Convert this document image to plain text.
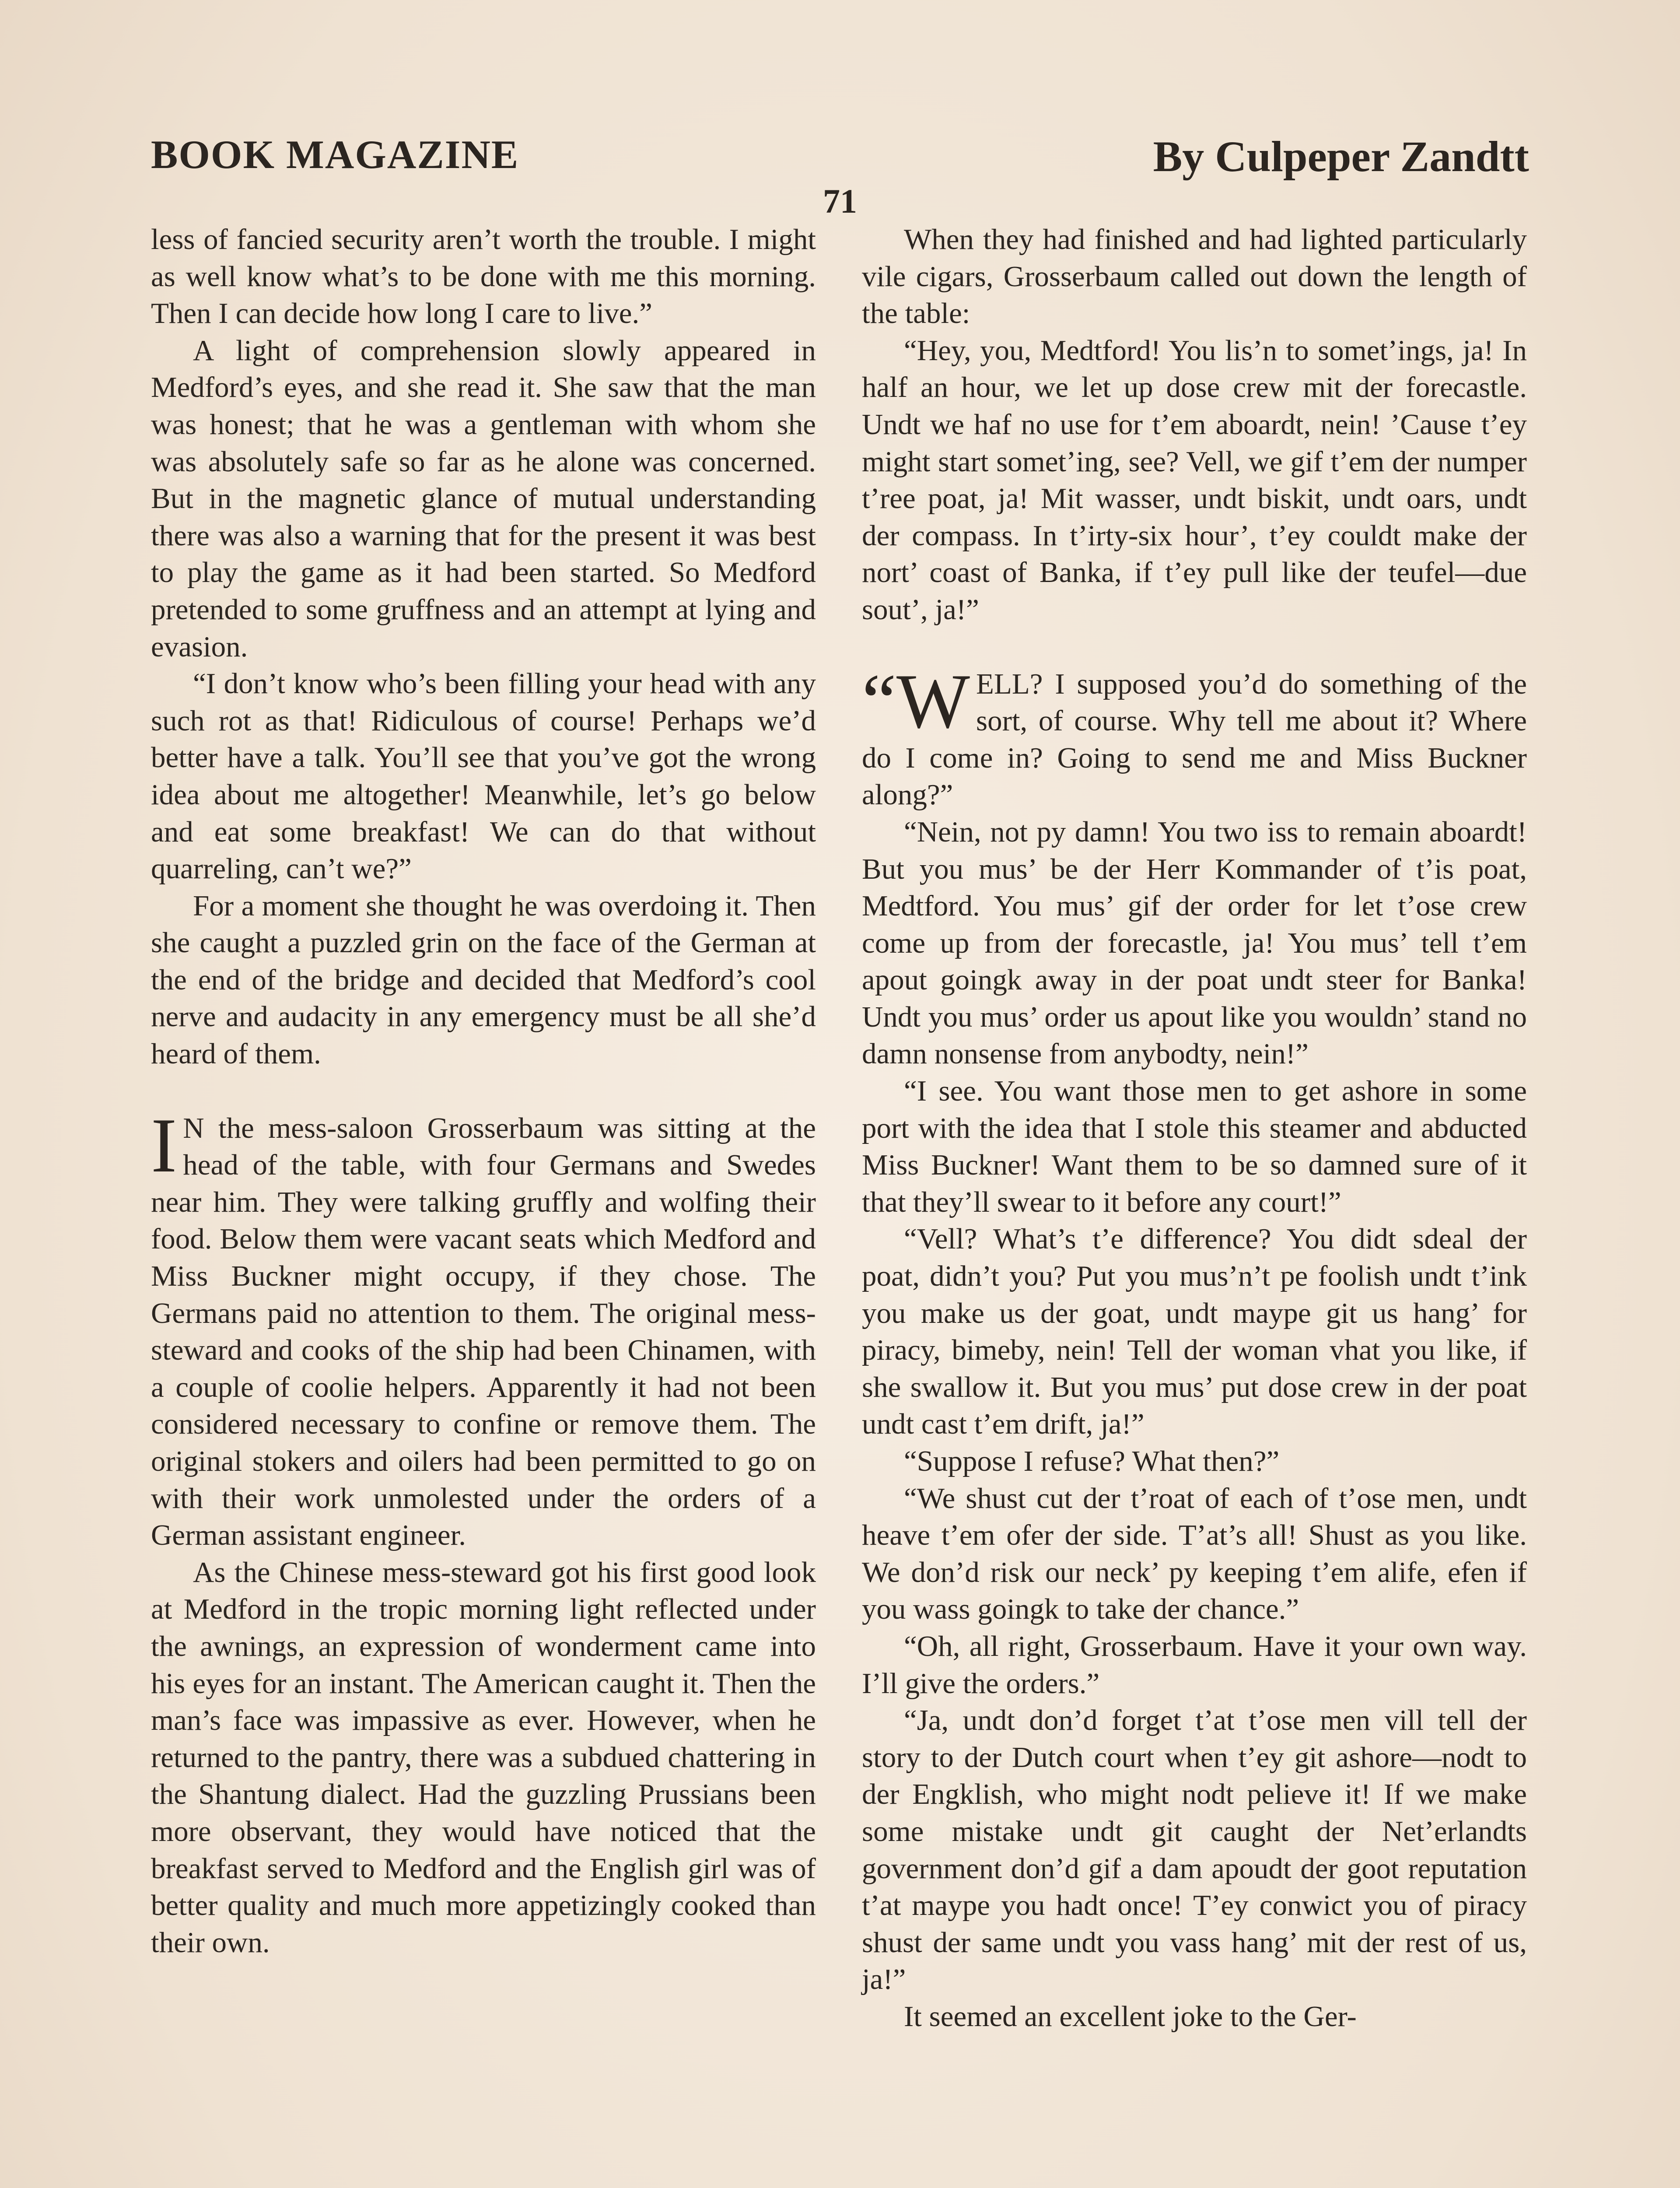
BOOK MAGAZINE	By Culpeper Zandtt
71

less of fancied security aren’t worth the trouble. I might as well know what’s to be done with me this morning. Then I can decide how long I care to live.”

A light of comprehension slowly appeared in Medford’s eyes, and she read it. She saw that the man was honest; that he was a gentleman with whom she was absolutely safe so far as he alone was concerned. But in the magnetic glance of mutual understanding there was also a warning that for the present it was best to play the game as it had been started. So Medford pretended to some gruffness and an attempt at lying and evasion.

“I don’t know who’s been filling your head with any such rot as that! Ridiculous of course! Perhaps we’d better have a talk. You’ll see that you’ve got the wrong idea about me altogether! Meanwhile, let’s go below and eat some breakfast! We can do that without quarreling, can’t we?”

For a moment she thought he was overdoing it. Then she caught a puzzled grin on the face of the German at the end of the bridge and decided that Medford’s cool nerve and audacity in any emergency must be all she’d heard of them.

I N the mess-saloon Grosserbaum was sitting at the head of the table, with four Germans and Swedes near him. They were talking gruffly and wolfing their food. Below them were vacant seats which Medford and Miss Buckner might occupy, if they chose. The Germans paid no attention to them. The original mess-steward and cooks of the ship had been Chinamen, with a couple of coolie helpers. Apparently it had not been considered necessary to confine or remove them. The original stokers and oilers had been permitted to go on with their work unmolested under the orders of a German assistant engineer.

As the Chinese mess-steward got his first good look at Medford in the tropic morning light reflected under the awnings, an expression of wonderment came into his eyes for an instant. The American caught it. Then the man’s face was impassive as ever. However, when he returned to the pantry, there was a subdued chattering in the Shantung dialect. Had the guzzling Prussians been more observant, they would have noticed that the breakfast served to Medford and the English girl was of better quality and much more appetizingly cooked than their own.

When they had finished and had lighted particularly vile cigars, Grosserbaum called out down the length of the table:

“Hey, you, Medtford! You lis’n to somet’ings, ja! In half an hour, we let up dose crew mit der forecastle. Undt we haf no use for t’em aboardt, nein! ’Cause t’ey might start somet’ing, see? Vell, we gif t’em der numper t’ree poat, ja! Mit wasser, undt biskit, undt oars, undt der compass. In t’irty-six hour’, t’ey couldt make der nort’ coast of Banka, if t’ey pull like der teufel—due sout’, ja!”

“WELL? I supposed you’d do something of the sort, of course. Why tell me about it? Where do I come in? Going to send me and Miss Buckner along?”

“Nein, not py damn! You two iss to remain aboardt! But you mus’ be der Herr Kommander of t’is poat, Medtford. You mus’ gif der order for let t’ose crew come up from der forecastle, ja! You mus’ tell t’em apout goingk away in der poat undt steer for Banka! Undt you mus’ order us apout like you wouldn’ stand no damn nonsense from anybodty, nein!”

“I see. You want those men to get ashore in some port with the idea that I stole this steamer and abducted Miss Buckner! Want them to be so damned sure of it that they’ll swear to it before any court!”

“Vell? What’s t’e difference? You didt sdeal der poat, didn’t you? Put you mus’n’t pe foolish undt t’ink you make us der goat, undt maype git us hang’ for piracy, bimeby, nein! Tell der woman vhat you like, if she swallow it. But you mus’ put dose crew in der poat undt cast t’em drift, ja!”

“Suppose I refuse? What then?”

“We shust cut der t’roat of each of t’ose men, undt heave t’em ofer der side. T’at’s all! Shust as you like. We don’d risk our neck’ py keeping t’em alife, efen if you wass goingk to take der chance.”

“Oh, all right, Grosserbaum. Have it your own way. I’ll give the orders.”

“Ja, undt don’d forget t’at t’ose men vill tell der story to der Dutch court when t’ey git ashore—nodt to der Engklish, who might nodt pelieve it! If we make some mistake undt git caught der Net’erlandts government don’d gif a dam apoudt der goot reputation t’at maype you hadt once! T’ey conwict you of piracy shust der same undt you vass hang’ mit der rest of us, ja!”

It seemed an excellent joke to the Ger-
